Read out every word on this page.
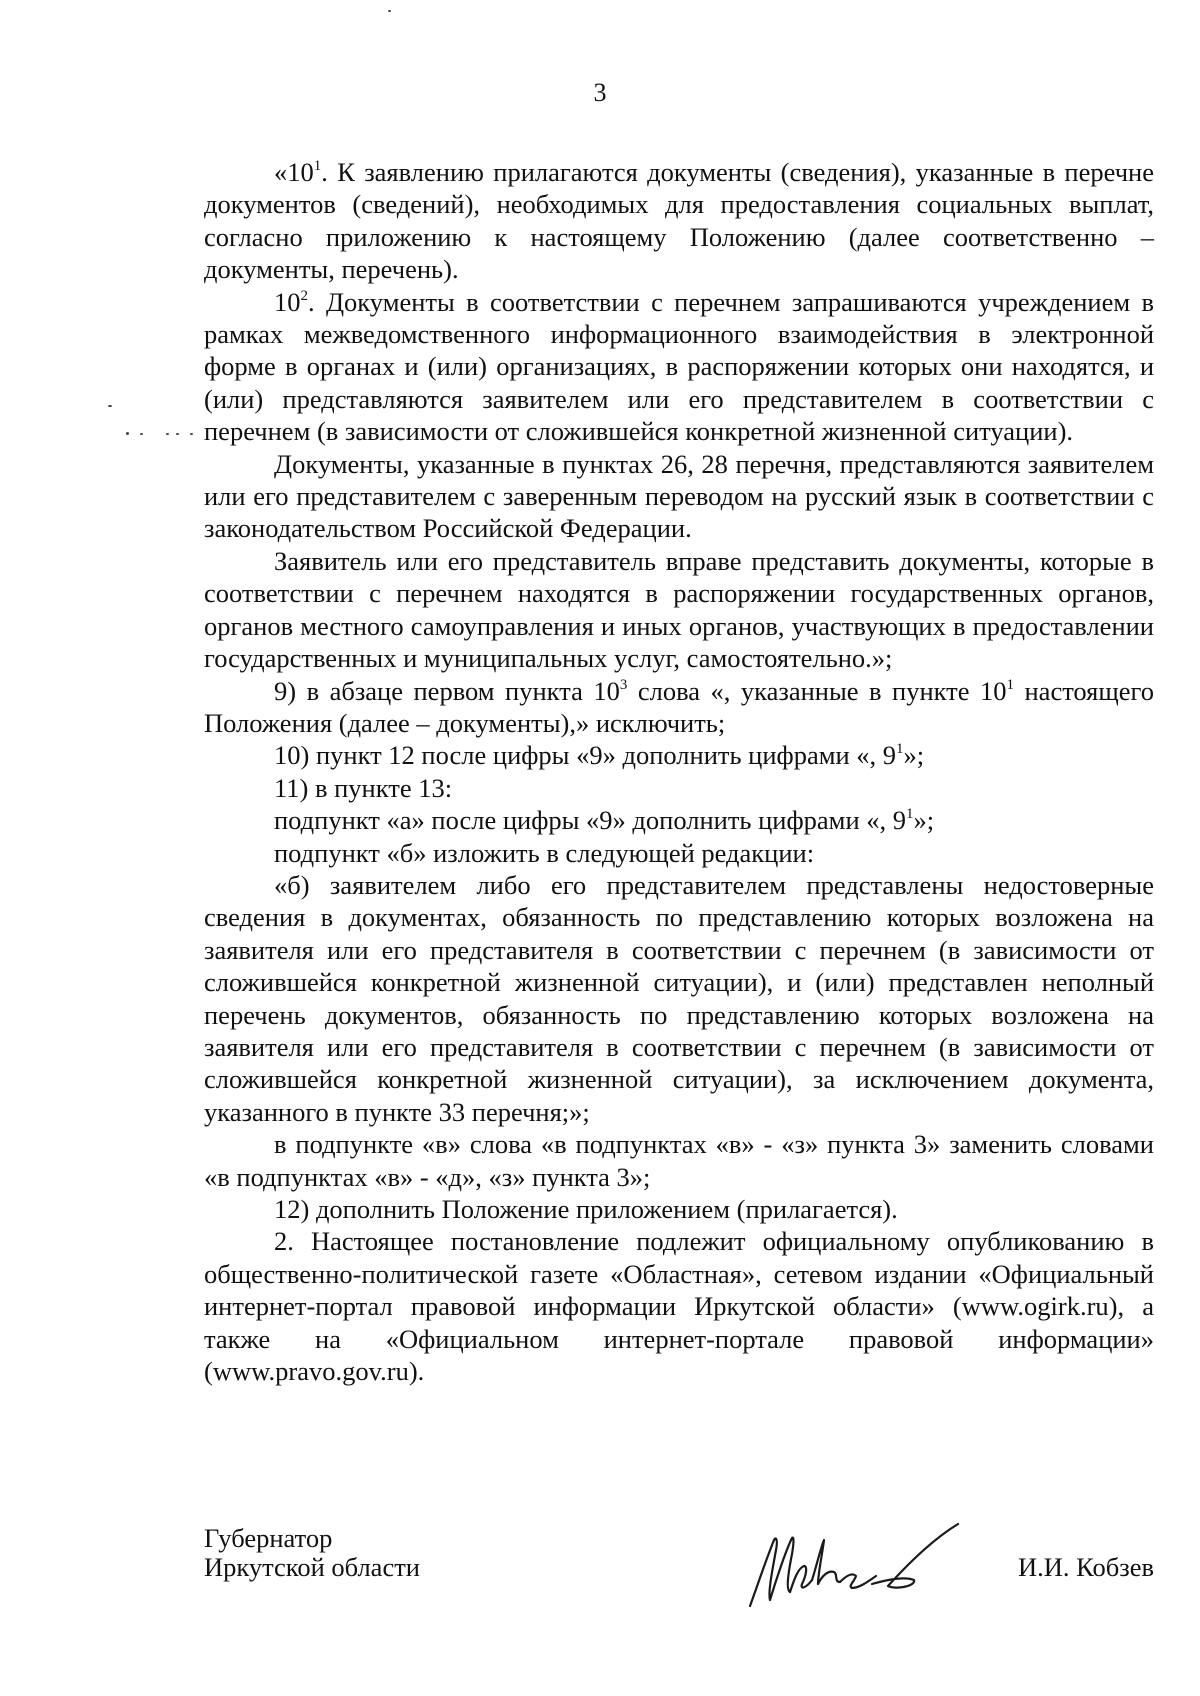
3

«$10^1$. К заявлению прилагаются документы (сведения), указанные в перечне документов (сведений), необходимых для предоставления социальных выплат, согласно приложению к настоящему Положению (далее соответственно – документы, перечень).

$10^2$. Документы в соответствии с перечнем запрашиваются учреждением в рамках межведомственного информационного взаимодействия в электронной форме в органах и (или) организациях, в распоряжении которых они находятся, и (или) представляются заявителем или его представителем в соответствии с перечнем (в зависимости от сложившейся конкретной жизненной ситуации).

Документы, указанные в пунктах 26, 28 перечня, представляются заявителем или его представителем с заверенным переводом на русский язык в соответствии с законодательством Российской Федерации.

Заявитель или его представитель вправе представить документы, которые в соответствии с перечнем находятся в распоряжении государственных органов, органов местного самоуправления и иных органов, участвующих в предоставлении государственных и муниципальных услуг, самостоятельно.»;

9) в абзаце первом пункта $10^3$ слова «, указанные в пункте $10^1$ настоящего Положения (далее – документы),» исключить;

10) пункт 12 после цифры «9» дополнить цифрами «, $9^1$»;

11) в пункте 13:

подпункт «а» после цифры «9» дополнить цифрами «, $9^1$»;

подпункт «б» изложить в следующей редакции:

«б) заявителем либо его представителем представлены недостоверные сведения в документах, обязанность по представлению которых возложена на заявителя или его представителя в соответствии с перечнем (в зависимости от сложившейся конкретной жизненной ситуации), и (или) представлен неполный перечень документов, обязанность по представлению которых возложена на заявителя или его представителя в соответствии с перечнем (в зависимости от сложившейся конкретной жизненной ситуации), за исключением документа, указанного в пункте 33 перечня;»;

в подпункте «в» слова «в подпунктах «в» - «з» пункта 3» заменить словами «в подпунктах «в» - «д», «з» пункта 3»;

12) дополнить Положение приложением (прилагается).

2. Настоящее постановление подлежит официальному опубликованию в общественно-политической газете «Областная», сетевом издании «Официальный интернет-портал правовой информации Иркутской области» (www.ogirk.ru), а также на «Официальном интернет-портале правовой информации» (www.pravo.gov.ru).

Губернатор
Иркутской области	И.И. Кобзев
